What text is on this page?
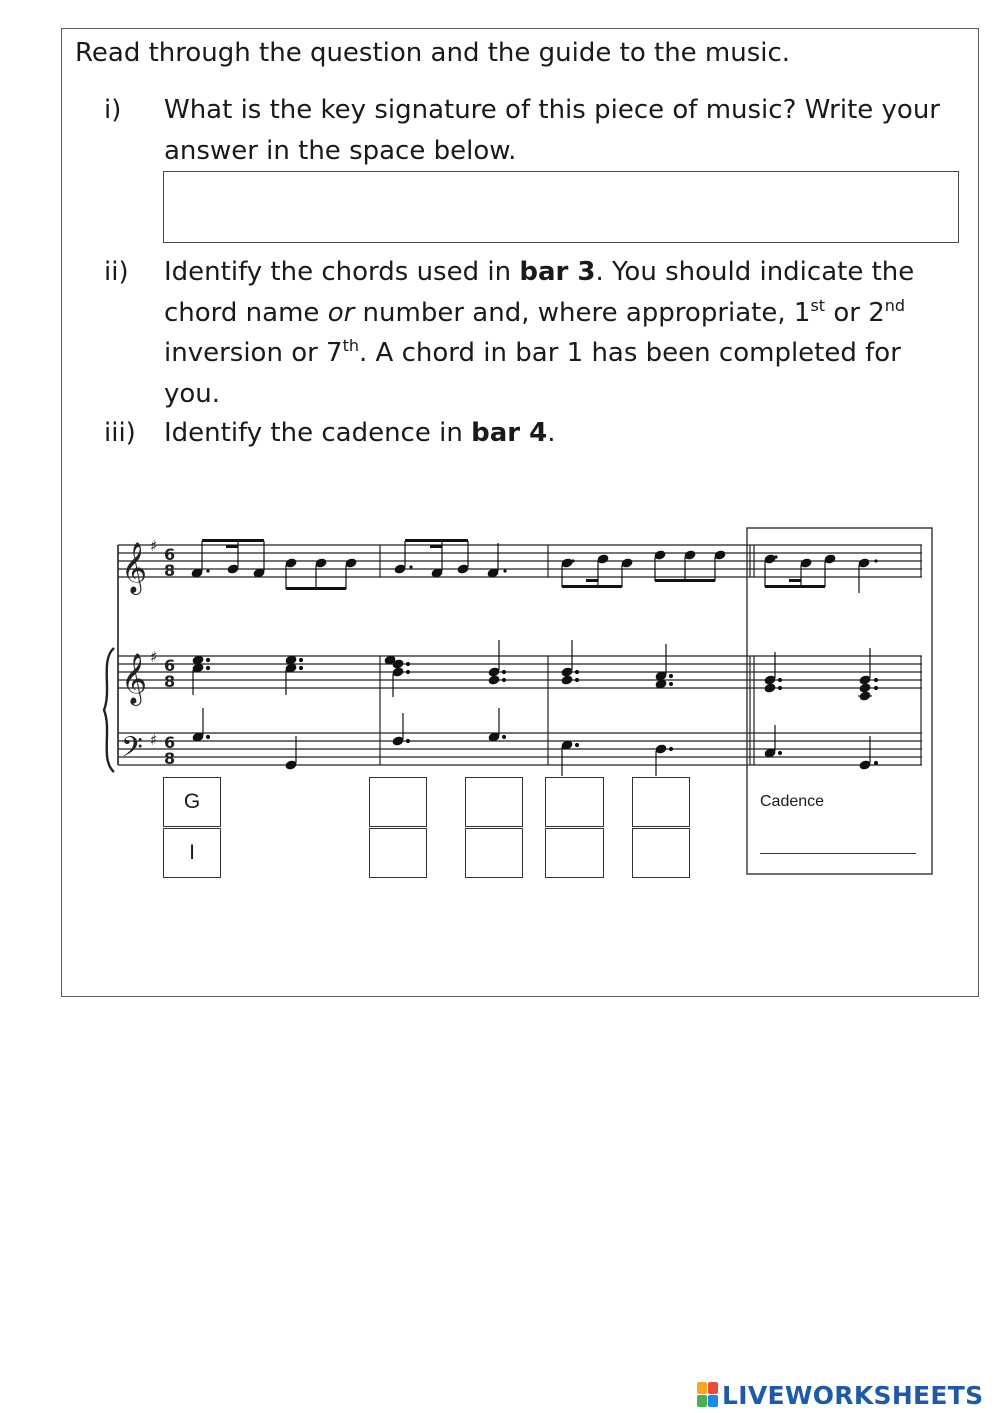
Read through the question and the guide to the music.
i) What is the key signature of this piece of music? Write your answer in the space below.
ii) Identify the chords used in bar 3. You should indicate the chord name or number and, where appropriate, 1st or 2nd inversion or 7th. A chord in bar 1 has been completed for you.
iii) Identify the cadence in bar 4.
𝄞
𝄞
𝄢
♯
♯
♯
6
8
6
8
6
8
G
I
Cadence
LIVEWORKSHEETS
